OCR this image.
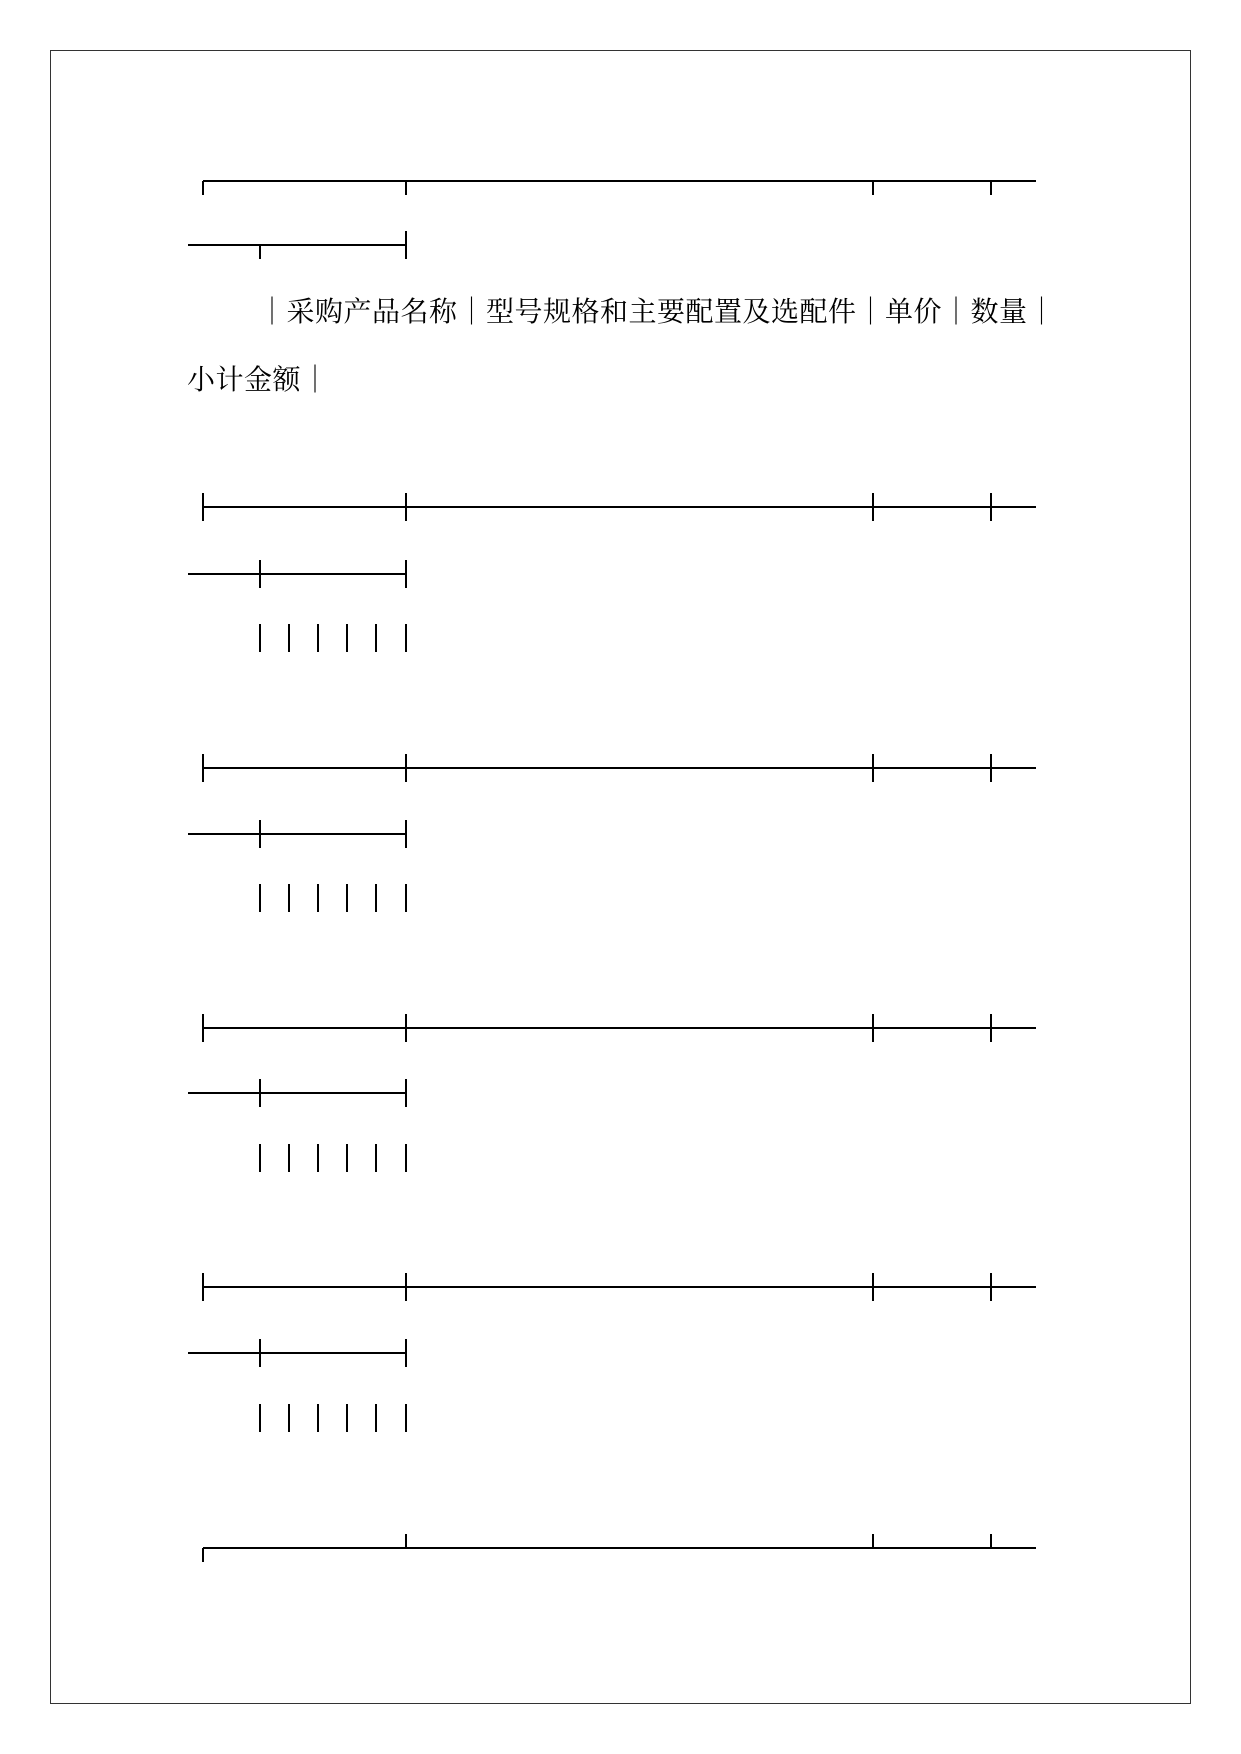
｜采购产品名称｜型号规格和主要配置及选配件｜单价｜数量｜
小计金额｜
